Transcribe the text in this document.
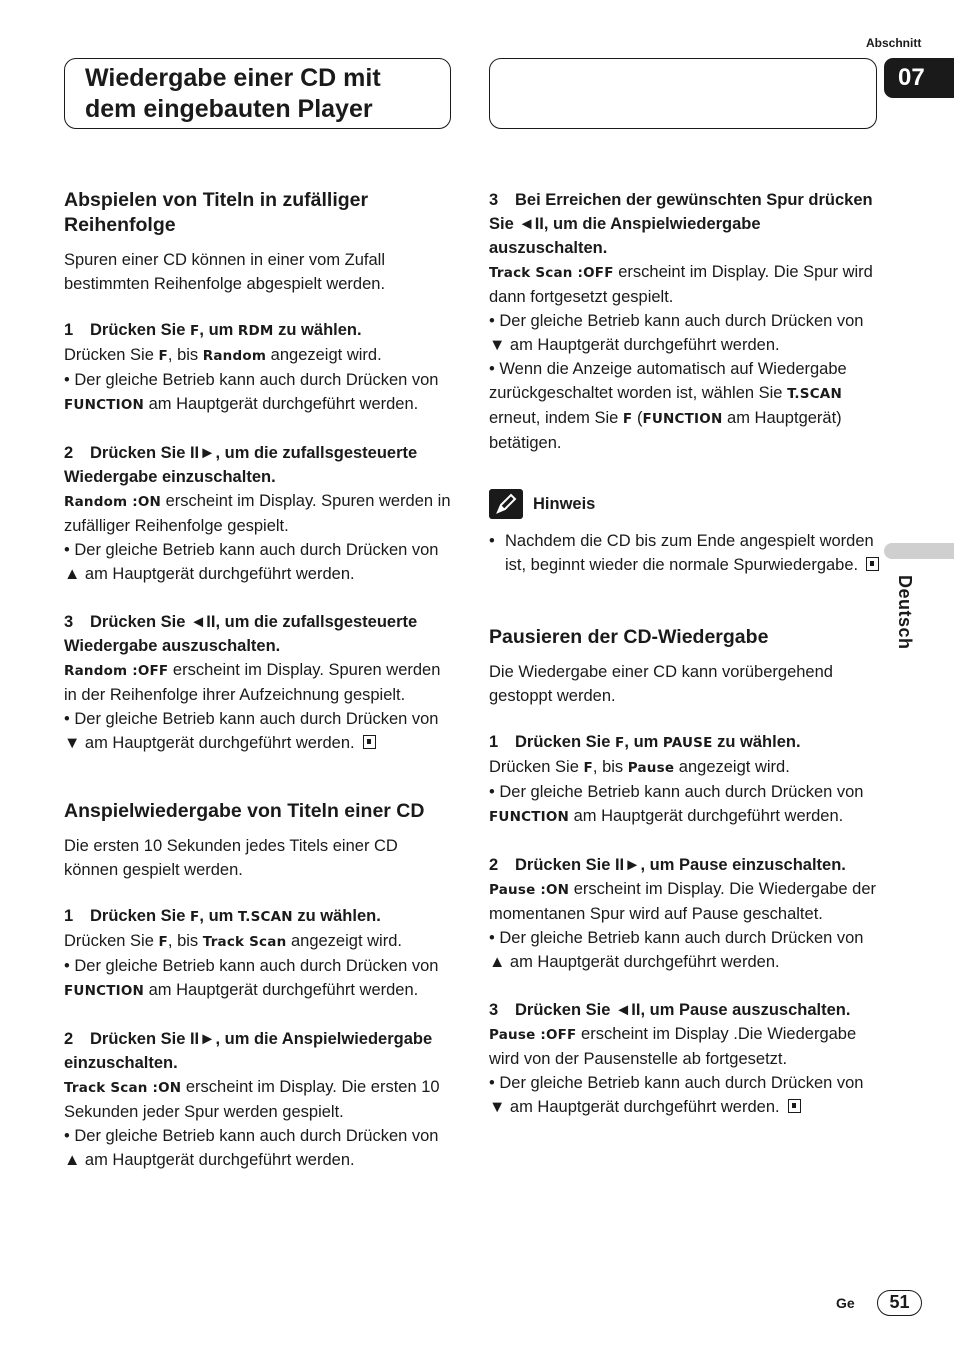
Abschnitt
07
Wiedergabe einer CD mit dem eingebauten Player
Deutsch
Abspielen von Titeln in zufälliger Reihenfolge
Spuren einer CD können in einer vom Zufall bestimmten Reihenfolge abgespielt werden.
1 Drücken Sie F, um RDM zu wählen.
Drücken Sie F, bis Random angezeigt wird.
• Der gleiche Betrieb kann auch durch Drücken von FUNCTION am Hauptgerät durchgeführt werden.
2 Drücken Sie II►, um die zufallsgesteuerte Wiedergabe einzuschalten.
Random :ON erscheint im Display. Spuren werden in zufälliger Reihenfolge gespielt.
• Der gleiche Betrieb kann auch durch Drücken von ▲ am Hauptgerät durchgeführt werden.
3 Drücken Sie ◄II, um die zufallsgesteuerte Wiedergabe auszuschalten.
Random :OFF erscheint im Display. Spuren werden in der Reihenfolge ihrer Aufzeichnung gespielt.
• Der gleiche Betrieb kann auch durch Drücken von ▼ am Hauptgerät durchgeführt werden.
Anspielwiedergabe von Titeln einer CD
Die ersten 10 Sekunden jedes Titels einer CD können gespielt werden.
1 Drücken Sie F, um T.SCAN zu wählen.
Drücken Sie F, bis Track Scan angezeigt wird.
• Der gleiche Betrieb kann auch durch Drücken von FUNCTION am Hauptgerät durchgeführt werden.
2 Drücken Sie II►, um die Anspielwiedergabe einzuschalten.
Track Scan :ON erscheint im Display. Die ersten 10 Sekunden jeder Spur werden gespielt.
• Der gleiche Betrieb kann auch durch Drücken von ▲ am Hauptgerät durchgeführt werden.
3 Bei Erreichen der gewünschten Spur drücken Sie ◄II, um die Anspielwiedergabe auszuschalten.
Track Scan :OFF erscheint im Display. Die Spur wird dann fortgesetzt gespielt.
• Der gleiche Betrieb kann auch durch Drücken von ▼ am Hauptgerät durchgeführt werden.
• Wenn die Anzeige automatisch auf Wiedergabe zurückgeschaltet worden ist, wählen Sie T.SCAN erneut, indem Sie F (FUNCTION am Hauptgerät) betätigen.
Hinweis
• Nachdem die CD bis zum Ende angespielt worden ist, beginnt wieder die normale Spurwiedergabe.
Pausieren der CD-Wiedergabe
Die Wiedergabe einer CD kann vorübergehend gestoppt werden.
1 Drücken Sie F, um PAUSE zu wählen.
Drücken Sie F, bis Pause angezeigt wird.
• Der gleiche Betrieb kann auch durch Drücken von FUNCTION am Hauptgerät durchgeführt werden.
2 Drücken Sie II►, um Pause einzuschalten.
Pause :ON erscheint im Display. Die Wiedergabe der momentanen Spur wird auf Pause geschaltet.
• Der gleiche Betrieb kann auch durch Drücken von ▲ am Hauptgerät durchgeführt werden.
3 Drücken Sie ◄II, um Pause auszuschalten.
Pause :OFF erscheint im Display .Die Wiedergabe wird von der Pausenstelle ab fortgesetzt.
• Der gleiche Betrieb kann auch durch Drücken von ▼ am Hauptgerät durchgeführt werden.
Ge	51
